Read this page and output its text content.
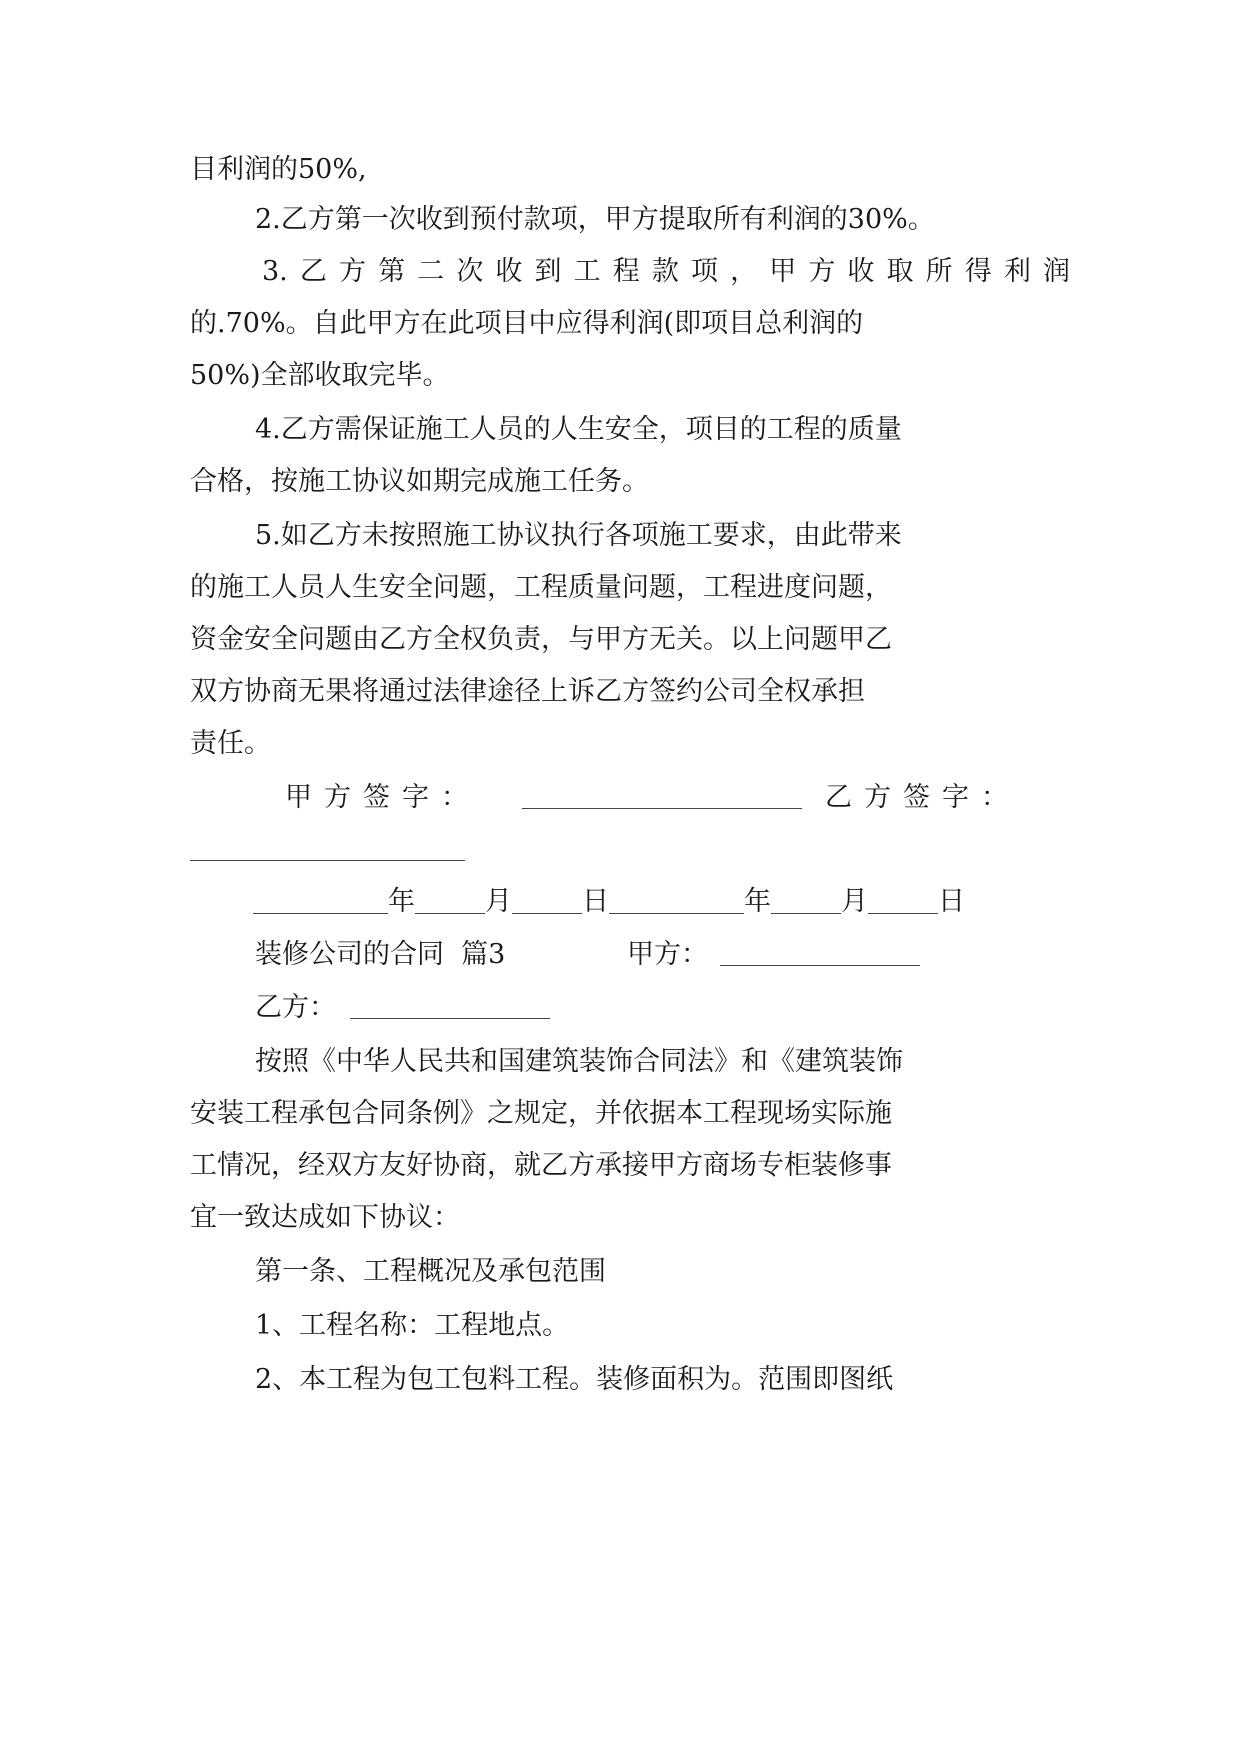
目利润的50%,
2.乙方第一次收到预付款项，甲方提取所有利润的30%。
3.乙方第二次收到工程款项，甲方收取所得利润
的.70%。自此甲方在此项目中应得利润(即项目总利润的
50%)全部收取完毕。
4.乙方需保证施工人员的人生安全，项目的工程的质量
合格，按施工协议如期完成施工任务。
5.如乙方未按照施工协议执行各项施工要求，由此带来
的施工人员人生安全问题，工程质量问题，工程进度问题，
资金安全问题由乙方全权负责，与甲方无关。以上问题甲乙
双方协商无果将通过法律途径上诉乙方签约公司全权承担
责任。
甲方签字：	乙方签字：
年	月	日	年	月	日
装修公司的合同  篇3	甲方：
乙方：
按照《中华人民共和国建筑装饰合同法》和《建筑装饰
安装工程承包合同条例》之规定，并依据本工程现场实际施
工情况，经双方友好协商，就乙方承接甲方商场专柜装修事
宜一致达成如下协议：
第一条、工程概况及承包范围
1、工程名称：工程地点。
2、本工程为包工包料工程。装修面积为。范围即图纸
